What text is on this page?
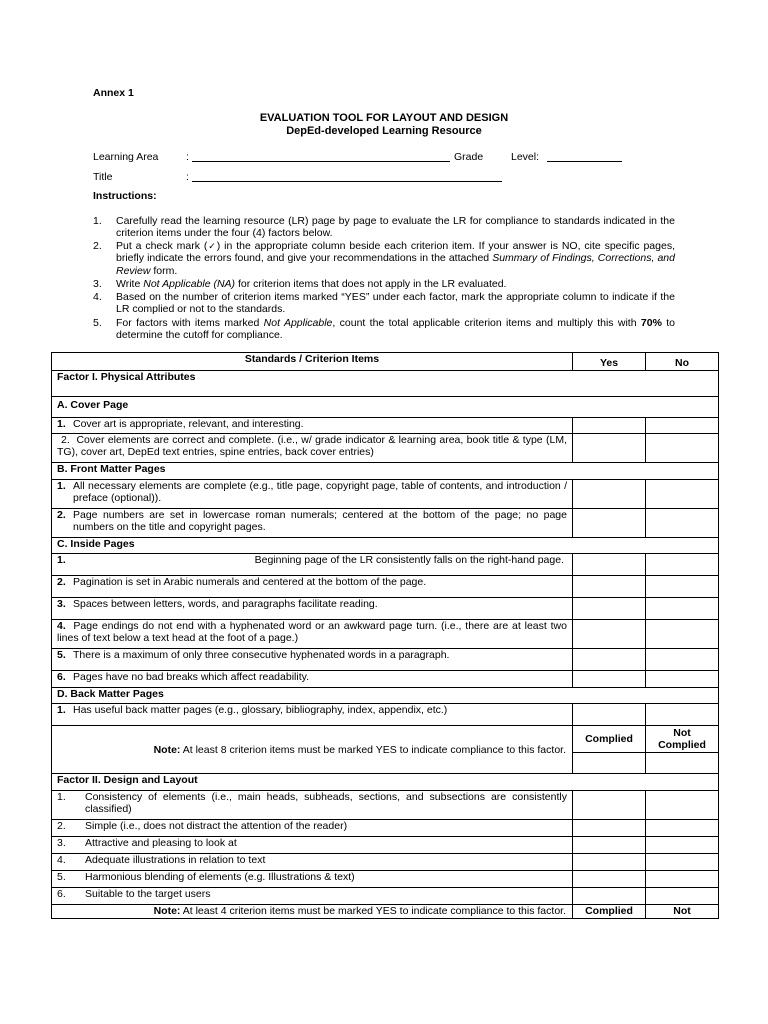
Annex 1
EVALUATION TOOL FOR LAYOUT AND DESIGN
DepEd-developed Learning Resource
Learning Area	:	Grade	Level:
Title	:
Instructions:
1.	Carefully read the learning resource (LR) page by page to evaluate the LR for compliance to standards indicated in the criterion items under the four (4) factors below.
2.	Put a check mark (✓) in the appropriate column beside each criterion item. If your answer is NO, cite specific pages, briefly indicate the errors found, and give your recommendations in the attached Summary of Findings, Corrections, and Review form.
3.	Write Not Applicable (NA) for criterion items that does not apply in the LR evaluated.
4.	Based on the number of criterion items marked “YES” under each factor, mark the appropriate column to indicate if the LR complied or not to the standards.
5.	For factors with items marked Not Applicable, count the total applicable criterion items and multiply this with 70% to determine the cutoff for compliance.
Standards / Criterion Items	Yes	No
Factor I. Physical Attributes		
A. Cover Page		

1. Cover art is appropriate, relevant, and interesting.		

2. Cover elements are correct and complete. (i.e., w/ grade indicator & learning area, book title & type (LM, TG), cover art, DepEd text entries, spine entries, back cover entries)		
B. Front Matter Pages		

1. All necessary elements are complete (e.g., title page, copyright page, table of contents, and introduction / preface (optional)).		

2. Page numbers are set in lowercase roman numerals; centered at the bottom of the page; no page numbers on the title and copyright pages.		

C. Inside Pages		

1. Beginning page of the LR consistently falls on the right-hand page.		

2. Pagination is set in Arabic numerals and centered at the bottom of the page.		

3. Spaces between letters, words, and paragraphs facilitate reading.		

4. Page endings do not end with a hyphenated word or an awkward page turn. (i.e., there are at least two lines of text below a text head at the foot of a page.)		

5. There is a maximum of only three consecutive hyphenated words in a paragraph.		

6. Pages have no bad breaks which affect readability.		

D. Back Matter Pages		

1. Has useful back matter pages (e.g., glossary, bibliography, index, appendix, etc.)		

Note: At least 8 criterion items must be marked YES to indicate compliance to this factor.	Complied	Not Complied

Factor II. Design and Layout		

1. Consistency of elements (i.e., main heads, subheads, sections, and subsections are consistently classified)		

2. Simple (i.e., does not distract the attention of the reader)		

3. Attractive and pleasing to look at		

4. Adequate illustrations in relation to text		

5. Harmonious blending of elements (e.g. Illustrations & text)		

6. Suitable to the target users		

Note: At least 4 criterion items must be marked YES to indicate compliance to this factor.	Complied	Not
